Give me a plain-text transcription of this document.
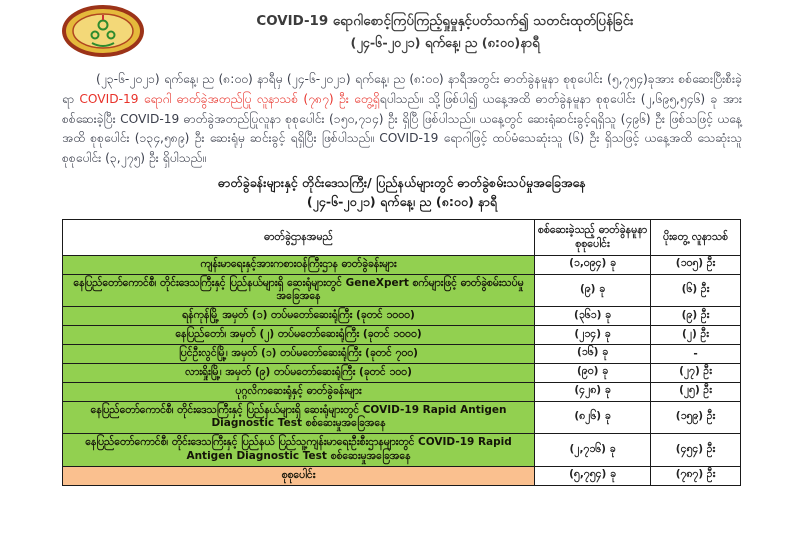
COVID-19 ရောဂါစောင့်ကြပ်ကြည့်ရှုမှုနှင့်ပတ်သက်၍ သတင်းထုတ်ပြန်ခြင်း
(၂၄-၆-၂၀၂၁) ရက်နေ့၊ ည (၈:၀၀)နာရီ

(၂၃-၆-၂၀၂၁) ရက်နေ့၊ ည (၈:၀၀) နာရီမှ (၂၄-၆-၂၀၂၁) ရက်နေ့၊ ည (၈:၀၀) နာရီအတွင်း ဓာတ်ခွဲနမူနာ စုစုပေါင်း (၅,၇၅၄)ခုအား စစ်ဆေးပြီးစီးခဲ့ရာ COVID-19 ရောဂါ ဓာတ်ခွဲအတည်ပြု လူနာသစ် (၇၈၇) ဦး တွေ့ရှိရပါသည်။ သို့ဖြစ်ပါ၍ ယနေ့အထိ ဓာတ်ခွဲနမူနာ စုစုပေါင်း (၂,၆၉၅,၅၄၆) ခု အား စစ်ဆေးခဲ့ပြီး COVID-19 ဓာတ်ခွဲအတည်ပြုလူနာ စုစုပေါင်း (၁၅၀,၇၁၄) ဦး ရှိပြီ ဖြစ်ပါသည်။ ယနေ့တွင် ဆေးရုံဆင်းခွင့်ရရှိသူ (၄၉၆) ဦး ဖြစ်သဖြင့် ယနေ့အထိ စုစုပေါင်း (၁၃၄,၅၈၉) ဦး ဆေးရုံမှ ဆင်းခွင့် ရရှိပြီး ဖြစ်ပါသည်။ COVID-19 ရောဂါဖြင့် ထပ်မံသေဆုံးသူ (၆) ဦး ရှိသဖြင့် ယနေ့အထိ သေဆုံးသူစုစုပေါင်း (၃,၂၇၅) ဦး ရှိပါသည်။

ဓာတ်ခွဲခန်းများနှင့် တိုင်းဒေသကြီး/ ပြည်နယ်များတွင် ဓာတ်ခွဲစမ်းသပ်မှုအခြေအနေ
(၂၄-၆-၂၀၂၁) ရက်နေ့၊ ည (၈:၀၀) နာရီ
ဓာတ်ခွဲဌာနအမည်	စစ်ဆေးခဲ့သည့် ဓာတ်ခွဲနမူနာ စုစုပေါင်း	ပိုးတွေ့ လူနာသစ်
ကျန်းမာရေးနှင့်အားကစားဝန်ကြီးဌာန ဓာတ်ခွဲခန်းများ	(၁,၀၉၄) ခု	(၁၀၅) ဦး
နေပြည်တော်ကောင်စီ၊ တိုင်းဒေသကြီးနှင့် ပြည်နယ်များရှိ ဆေးရုံများတွင် GeneXpert စက်များဖြင့် ဓာတ်ခွဲစမ်းသပ်မှုအခြေအနေ	(၉) ခု	(၆) ဦး
ရန်ကုန်မြို့ အမှတ် (၁) တပ်မတော်ဆေးရုံကြီး (ခုတင် ၁၀၀၀)	(၃၆၁) ခု	(၉) ဦး
နေပြည်တော်၊ အမှတ် (၂) တပ်မတော်ဆေးရုံကြီး (ခုတင် ၁၀၀၀)	(၂၁၄) ခု	(၂) ဦး
ပြင်ဦးလွင်မြို့၊ အမှတ် (၁) တပ်မတော်ဆေးရုံကြီး (ခုတင် ၇၀၀)	(၁၆) ခု	-
လားရှိုးမြို့၊ အမှတ် (၉) တပ်မတော်ဆေးရုံကြီး (ခုတင် ၁၀၀)	(၉၀) ခု	(၂၇) ဦး
ပုဂ္ဂလိကဆေးရုံနှင့် ဓာတ်ခွဲခန်းများ	(၄၂၈) ခု	(၂၅) ဦး
နေပြည်တော်ကောင်စီ၊ တိုင်းဒေသကြီးနှင့် ပြည်နယ်များရှိ ဆေးရုံများတွင် COVID-19 Rapid Antigen Diagnostic Test စစ်ဆေးမှုအခြေအနေ	(၈၂၆) ခု	(၁၅၉) ဦး
နေပြည်တော်ကောင်စီ၊ တိုင်းဒေသကြီးနှင့် ပြည်နယ် ပြည်သူ့ကျန်းမာရေးဦးစီးဌာနများတွင် COVID-19 Rapid Antigen Diagnostic Test စစ်ဆေးမှုအခြေအနေ	(၂,၇၁၆) ခု	(၄၅၄) ဦး
စုစုပေါင်း	(၅,၇၅၄) ခု	(၇၈၇) ဦး
